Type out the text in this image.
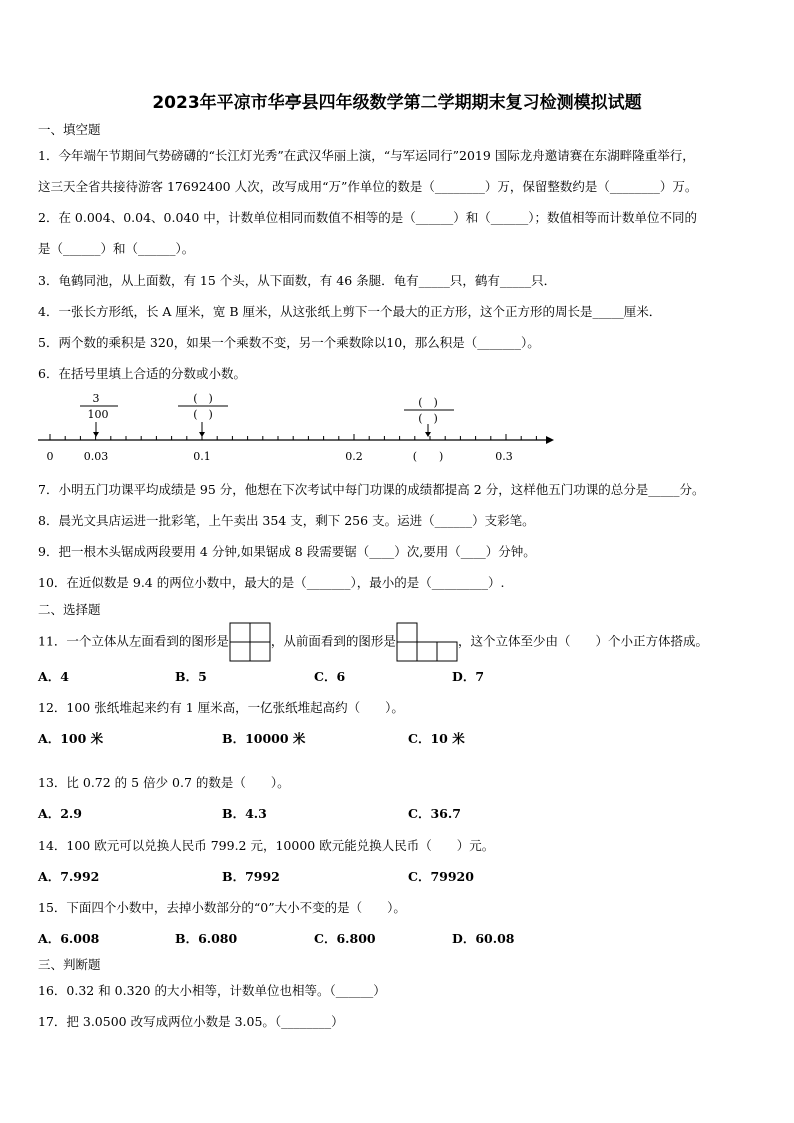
2023年平凉市华亭县四年级数学第二学期期末复习检测模拟试题
一、填空题
1．今年端午节期间气势磅礴的“长江灯光秀”在武汉华丽上演，“与军运同行”2019 国际龙舟邀请赛在东湖畔隆重举行，
这三天全省共接待游客 17692400 人次，改写成用“万”作单位的数是（________）万，保留整数约是（________）万。
2．在 0.004、0.04、0.040 中，计数单位相同而数值不相等的是（______）和（______）；数值相等而计数单位不同的
是（______）和（______）。
3．龟鹤同池，从上面数，有 15 个头，从下面数，有 46 条腿．龟有_____只，鹤有_____只．
4．一张长方形纸，长 A 厘米，宽 B 厘米，从这张纸上剪下一个最大的正方形，这个正方形的周长是_____厘米．
5．两个数的乘积是 320，如果一个乘数不变，另一个乘数除以10，那么积是（_______）。
6．在括号里填上合适的分数或小数。
3
100
(　)
(　)
(　)
(　)
0	0.03	0.1	0.2	(　　)	0.3
7．小明五门功课平均成绩是 95 分，他想在下次考试中每门功课的成绩都提高 2 分，这样他五门功课的总分是_____分。
8．晨光文具店运进一批彩笔，上午卖出 354 支，剩下 256 支。运进（______）支彩笔。
9．把一根木头锯成两段要用 4 分钟,如果锯成 8 段需要锯（____）次,要用（____）分钟。
10．在近似数是 9.4 的两位小数中，最大的是（_______），最小的是（_________）.
二、选择题
11．一个立体从左面看到的图形是	，从前面看到的图形是	，这个立体至少由（　　）个小正方体搭成。
A．4	B．5	C．6	D．7
12．100 张纸堆起来约有 1 厘米高，一亿张纸堆起高约（　　）。
A．100 米	B．10000 米	C．10 米
13．比 0.72 的 5 倍少 0.7 的数是（　　）。
A．2.9	B．4.3	C．36.7
14．100 欧元可以兑换人民币 799.2 元，10000 欧元能兑换人民币（　　）元。
A．7.992	B．7992	C．79920
15．下面四个小数中，去掉小数部分的“0”大小不变的是（　　）。
A．6.008	B．6.080	C．6.800	D．60.08
三、判断题
16．0.32 和 0.320 的大小相等，计数单位也相等。（______）
17．把 3.0500 改写成两位小数是 3.05。（________）
